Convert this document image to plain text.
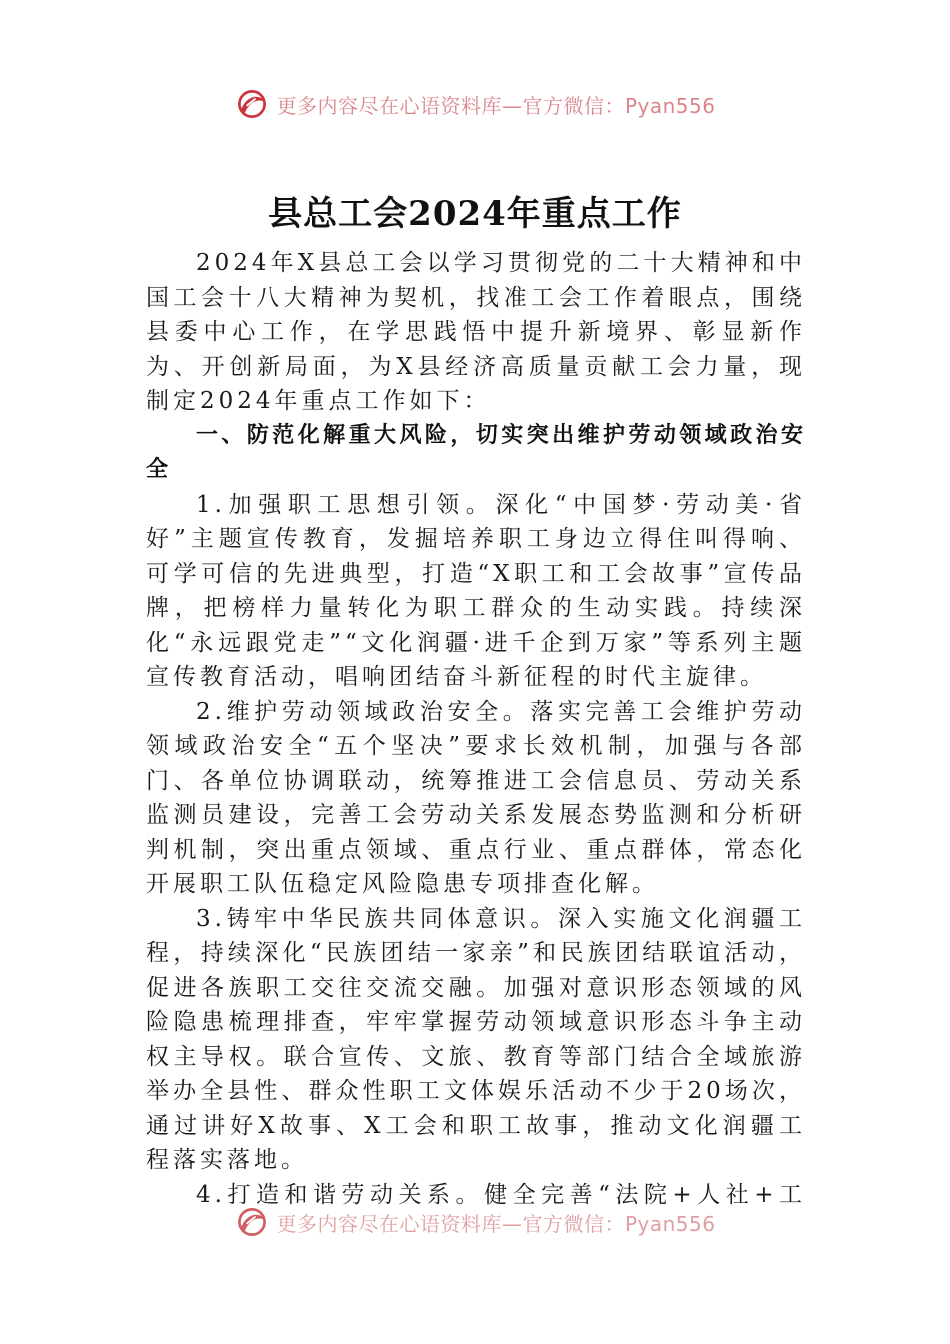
更多内容尽在心语资料库—官方微信：Pyan556
县总工会2024年重点工作

2024年X县总工会以学习贯彻党的二十大精神和中国工会十八大精神为契机，找准工会工作着眼点，围绕县委中心工作，在学思践悟中提升新境界、彰显新作为、开创新局面，为X县经济高质量贡献工会力量，现制定2024年重点工作如下：

一、防范化解重大风险，切实突出维护劳动领域政治安全

1.加强职工思想引领。深化“中国梦·劳动美·省好”主题宣传教育，发掘培养职工身边立得住叫得响、可学可信的先进典型，打造“X职工和工会故事”宣传品牌，把榜样力量转化为职工群众的生动实践。持续深化“永远跟党走”“文化润疆·进千企到万家”等系列主题宣传教育活动，唱响团结奋斗新征程的时代主旋律。

2.维护劳动领域政治安全。落实完善工会维护劳动领域政治安全“五个坚决”要求长效机制，加强与各部门、各单位协调联动，统筹推进工会信息员、劳动关系监测员建设，完善工会劳动关系发展态势监测和分析研判机制，突出重点领域、重点行业、重点群体，常态化开展职工队伍稳定风险隐患专项排查化解。

3.铸牢中华民族共同体意识。深入实施文化润疆工程，持续深化“民族团结一家亲”和民族团结联谊活动，促进各族职工交往交流交融。加强对意识形态领域的风险隐患梳理排查，牢牢掌握劳动领域意识形态斗争主动权主导权。联合宣传、文旅、教育等部门结合全域旅游举办全县性、群众性职工文体娱乐活动不少于20场次，通过讲好X故事、X工会和职工故事，推动文化润疆工程落实落地。

4.打造和谐劳动关系。健全完善“法院+人社+工

更多内容尽在心语资料库—官方微信：Pyan556
